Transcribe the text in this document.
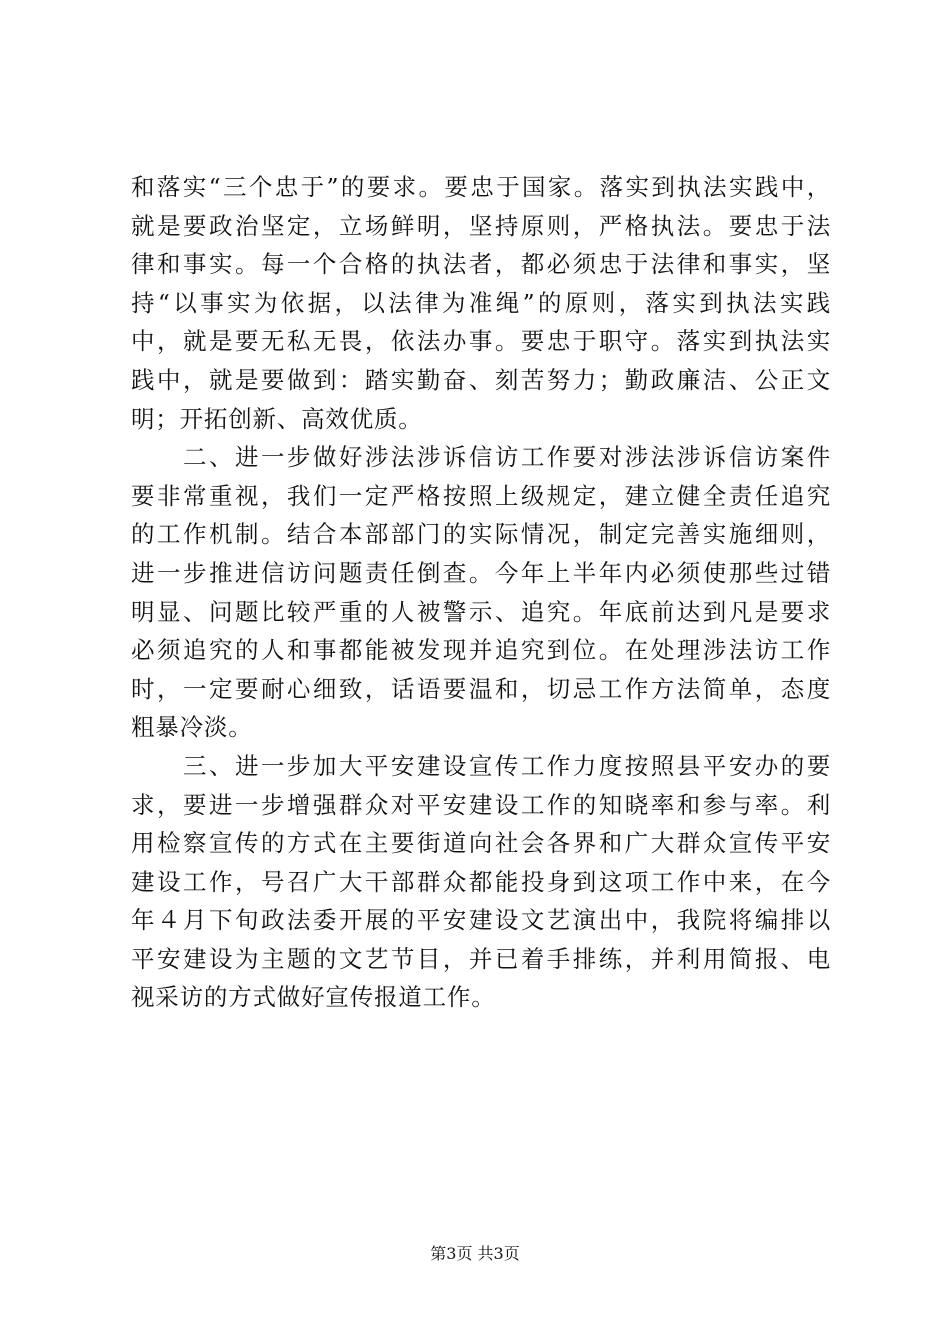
和落实“三个忠于”的要求。要忠于国家。落实到执法实践中，
就是要政治坚定，立场鲜明，坚持原则，严格执法。要忠于法
律和事实。每一个合格的执法者，都必须忠于法律和事实，坚
持“以事实为依据，以法律为准绳”的原则，落实到执法实践
中，就是要无私无畏，依法办事。要忠于职守。落实到执法实
践中，就是要做到：踏实勤奋、刻苦努力；勤政廉洁、公正文
明；开拓创新、高效优质。
　　二、进一步做好涉法涉诉信访工作要对涉法涉诉信访案件
要非常重视，我们一定严格按照上级规定，建立健全责任追究
的工作机制。结合本部部门的实际情况，制定完善实施细则，
进一步推进信访问题责任倒查。今年上半年内必须使那些过错
明显、问题比较严重的人被警示、追究。年底前达到凡是要求
必须追究的人和事都能被发现并追究到位。在处理涉法访工作
时，一定要耐心细致，话语要温和，切忌工作方法简单，态度
粗暴冷淡。
　　三、进一步加大平安建设宣传工作力度按照县平安办的要
求，要进一步增强群众对平安建设工作的知晓率和参与率。利
用检察宣传的方式在主要街道向社会各界和广大群众宣传平安
建设工作，号召广大干部群众都能投身到这项工作中来，在今
年４月下旬政法委开展的平安建设文艺演出中，我院将编排以
平安建设为主题的文艺节目，并已着手排练，并利用简报、电
视采访的方式做好宣传报道工作。
第3页 共3页
